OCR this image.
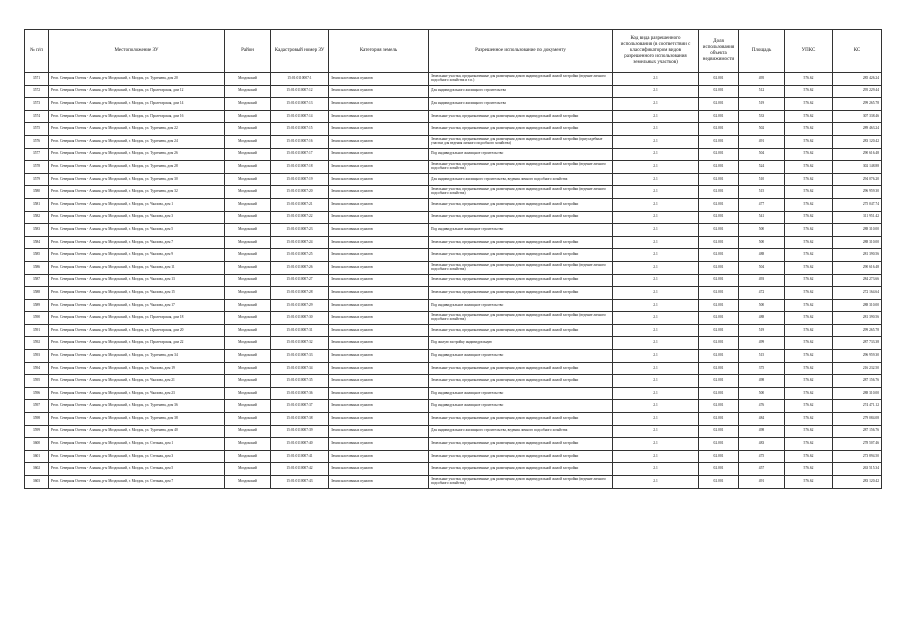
№ п/п	Местоположение ЗУ	Район	Кадастровый номер ЗУ	Категория земель	Разрешенное использование по документу	Код вида разрешенного использования (в соответствии с классификатором видов разрешенного использования земельных участков)	Доля использования объекта недвижимости	Площадь	УПКС	КС
3571	Респ. Северная Осетия - Алания, р-н Моздокский, г. Моздок, ул. Тургенева, дом 20	Моздокский	15:01:0110007:1	Земли населенных пунктов	Земельные участки, предназначенные для размещения домов индивидуальной жилой застройки (ведение личного подсобного хозяйства и т.п.)	2.1	02.001	495	576.62	285 426.24
3572	Респ. Северная Осетия - Алания, р-н Моздокский, г. Моздок, ул. Пролетарская, дом 12	Моздокский	15:01:0110007:12	Земли населенных пунктов	Для индивидуального жилищного строительства	2.1	02.001	512	576.62	295 229.44
3573	Респ. Северная Осетия - Алания, р-н Моздокский, г. Моздок, ул. Пролетарская, дом 14	Моздокский	15:01:0110007:13	Земли населенных пунктов	Для индивидуального жилищного строительства	2.1	02.001	519	576.62	299 265.78
3574	Респ. Северная Осетия - Алания, р-н Моздокский, г. Моздок, ул. Пролетарская, дом 16	Моздокский	15:01:0110007:14	Земли населенных пунктов	Земельные участки, предназначенные для размещения домов индивидуальной жилой застройки	2.1	02.001	533	576.62	307 338.46
3575	Респ. Северная Осетия - Алания, р-н Моздокский, г. Моздок, ул. Тургенева, дом 22	Моздокский	15:01:0110007:15	Земли населенных пунктов	Земельные участки, предназначенные для размещения домов индивидуальной жилой застройки	2.1	02.001	502	576.62	289 463.24
3576	Респ. Северная Осетия - Алания, р-н Моздокский, г. Моздок, ул. Тургенева, дом 24	Моздокский	15:01:0110007:16	Земли населенных пунктов	Земельные участки, предназначенные для размещения домов индивидуальной жилой застройки (приусадебные участки для ведения личного подсобного хозяйства)	2.1	02.001	491	576.62	283 120.42
3577	Респ. Северная Осетия - Алания, р-н Моздокский, г. Моздок, ул. Тургенева, дом 26	Моздокский	15:01:0110007:17	Земли населенных пунктов	Под индивидуальное жилищное строительство	2.1	02.001	504	576.62	290 616.48
3578	Респ. Северная Осетия - Алания, р-н Моздокский, г. Моздок, ул. Тургенева, дом 28	Моздокский	15:01:0110007:18	Земли населенных пунктов	Земельные участки, предназначенные для размещения домов индивидуальной жилой застройки (ведение личного подсобного хозяйства)	2.1	02.001	524	576.62	302 148.88
3579	Респ. Северная Осетия - Алания, р-н Моздокский, г. Моздок, ул. Тургенева, дом 30	Моздокский	15:01:0110007:19	Земли населенных пунктов	Для индивидуального жилищного строительства, ведения личного подсобного хозяйства	2.1	02.001	510	576.62	294 076.20
3580	Респ. Северная Осетия - Алания, р-н Моздокский, г. Моздок, ул. Тургенева, дом 32	Моздокский	15:01:0110007:20	Земли населенных пунктов	Земельные участки, предназначенные для размещения домов индивидуальной жилой застройки (ведение личного подсобного хозяйства)	2.1	02.001	515	576.62	296 959.30
3581	Респ. Северная Осетия - Алания, р-н Моздокский, г. Моздок, ул. Чкалова, дом 1	Моздокский	15:01:0110007:21	Земли населенных пунктов	Земельные участки, предназначенные для размещения домов индивидуальной жилой застройки	2.1	02.001	477	576.62	275 047.74
3582	Респ. Северная Осетия - Алания, р-н Моздокский, г. Моздок, ул. Чкалова, дом 3	Моздокский	15:01:0110007:22	Земли населенных пунктов	Земельные участки, предназначенные для размещения домов индивидуальной жилой застройки	2.1	02.001	541	576.62	311 951.42
3583	Респ. Северная Осетия - Алания, р-н Моздокский, г. Моздок, ул. Чкалова, дом 5	Моздокский	15:01:0110007:23	Земли населенных пунктов	Под индивидуальное жилищное строительство	2.1	02.001	500	576.62	288 310.00
3584	Респ. Северная Осетия - Алания, р-н Моздокский, г. Моздок, ул. Чкалова, дом 7	Моздокский	15:01:0110007:24	Земли населенных пунктов	Земельные участки, предназначенные для размещения домов индивидуальной жилой застройки	2.1	02.001	500	576.62	288 310.00
3585	Респ. Северная Осетия - Алания, р-н Моздокский, г. Моздок, ул. Чкалова, дом 9	Моздокский	15:01:0110007:25	Земли населенных пунктов	Земельные участки, предназначенные для размещения домов индивидуальной жилой застройки	2.1	02.001	488	576.62	281 390.56
3586	Респ. Северная Осетия - Алания, р-н Моздокский, г. Моздок, ул. Чкалова, дом 11	Моздокский	15:01:0110007:26	Земли населенных пунктов	Земельные участки, предназначенные для размещения домов индивидуальной жилой застройки (ведение личного подсобного хозяйства)	2.1	02.001	504	576.62	290 616.48
3587	Респ. Северная Осетия - Алания, р-н Моздокский, г. Моздок, ул. Чкалова, дом 13	Моздокский	15:01:0110007:27	Земли населенных пунктов	Земельные участки, предназначенные для размещения домов индивидуальной жилой застройки	2.1	02.001	493	576.62	284 273.66
3588	Респ. Северная Осетия - Алания, р-н Моздокский, г. Моздок, ул. Чкалова, дом 15	Моздокский	15:01:0110007:28	Земли населенных пунктов	Земельные участки, предназначенные для размещения домов индивидуальной жилой застройки	2.1	02.001	472	576.62	272 164.64
3589	Респ. Северная Осетия - Алания, р-н Моздокский, г. Моздок, ул. Чкалова, дом 17	Моздокский	15:01:0110007:29	Земли населенных пунктов	Под индивидуальное жилищное строительство	2.1	02.001	500	576.62	288 310.00
3590	Респ. Северная Осетия - Алания, р-н Моздокский, г. Моздок, ул. Пролетарская, дом 18	Моздокский	15:01:0110007:30	Земли населенных пунктов	Земельные участки, предназначенные для размещения домов индивидуальной жилой застройки (ведение личного подсобного хозяйства)	2.1	02.001	488	576.62	281 390.56
3591	Респ. Северная Осетия - Алания, р-н Моздокский, г. Моздок, ул. Пролетарская, дом 20	Моздокский	15:01:0110007:31	Земли населенных пунктов	Земельные участки, предназначенные для размещения домов индивидуальной жилой застройки	2.1	02.001	519	576.62	299 265.78
3592	Респ. Северная Осетия - Алания, р-н Моздокский, г. Моздок, ул. Пролетарская, дом 22	Моздокский	15:01:0110007:32	Земли населенных пунктов	Под жилую застройку индивидуальную	2.1	02.001	499	576.62	287 733.38
3593	Респ. Северная Осетия - Алания, р-н Моздокский, г. Моздок, ул. Тургенева, дом 34	Моздокский	15:01:0110007:33	Земли населенных пунктов	Под индивидуальное жилищное строительство	2.1	02.001	515	576.62	296 959.30
3594	Респ. Северная Осетия - Алания, р-н Моздокский, г. Моздок, ул. Чкалова, дом 19	Моздокский	15:01:0110007:34	Земли населенных пунктов	Земельные участки, предназначенные для размещения домов индивидуальной жилой застройки	2.1	02.001	375	576.62	216 232.50
3595	Респ. Северная Осетия - Алания, р-н Моздокский, г. Моздок, ул. Чкалова, дом 21	Моздокский	15:01:0110007:35	Земли населенных пунктов	Земельные участки, предназначенные для размещения домов индивидуальной жилой застройки	2.1	02.001	498	576.62	287 156.76
3596	Респ. Северная Осетия - Алания, р-н Моздокский, г. Моздок, ул. Чкалова, дом 23	Моздокский	15:01:0110007:36	Земли населенных пунктов	Под индивидуальное жилищное строительство	2.1	02.001	500	576.62	288 310.00
3597	Респ. Северная Осетия - Алания, р-н Моздокский, г. Моздок, ул. Тургенева, дом 36	Моздокский	15:01:0110007:37	Земли населенных пунктов	Под индивидуальное жилищное строительство	2.1	02.001	476	576.62	274 471.12
3598	Респ. Северная Осетия - Алания, р-н Моздокский, г. Моздок, ул. Тургенева, дом 38	Моздокский	15:01:0110007:38	Земли населенных пунктов	Земельные участки, предназначенные для размещения домов индивидуальной жилой застройки	2.1	02.001	484	576.62	279 084.08
3599	Респ. Северная Осетия - Алания, р-н Моздокский, г. Моздок, ул. Тургенева, дом 40	Моздокский	15:01:0110007:39	Земли населенных пунктов	Для индивидуального жилищного строительства, ведения личного подсобного хозяйства	2.1	02.001	498	576.62	287 156.76
3600	Респ. Северная Осетия - Алания, р-н Моздокский, г. Моздок, ул. Степная, дом 1	Моздокский	15:01:0110007:40	Земли населенных пунктов	Земельные участки, предназначенные для размещения домов индивидуальной жилой застройки	2.1	02.001	483	576.62	278 507.46
3601	Респ. Северная Осетия - Алания, р-н Моздокский, г. Моздок, ул. Степная, дом 3	Моздокский	15:01:0110007:41	Земли населенных пунктов	Земельные участки, предназначенные для размещения домов индивидуальной жилой застройки	2.1	02.001	475	576.62	273 894.50
3602	Респ. Северная Осетия - Алания, р-н Моздокский, г. Моздок, ул. Степная, дом 5	Моздокский	15:01:0110007:42	Земли населенных пунктов	Земельные участки, предназначенные для размещения домов индивидуальной жилой застройки	2.1	02.001	457	576.62	263 515.34
3603	Респ. Северная Осетия - Алания, р-н Моздокский, г. Моздок, ул. Степная, дом 7	Моздокский	15:01:0110007:43	Земли населенных пунктов	Земельные участки, предназначенные для размещения домов индивидуальной жилой застройки (ведение личного подсобного хозяйства)	2.1	02.001	491	576.62	283 120.42
